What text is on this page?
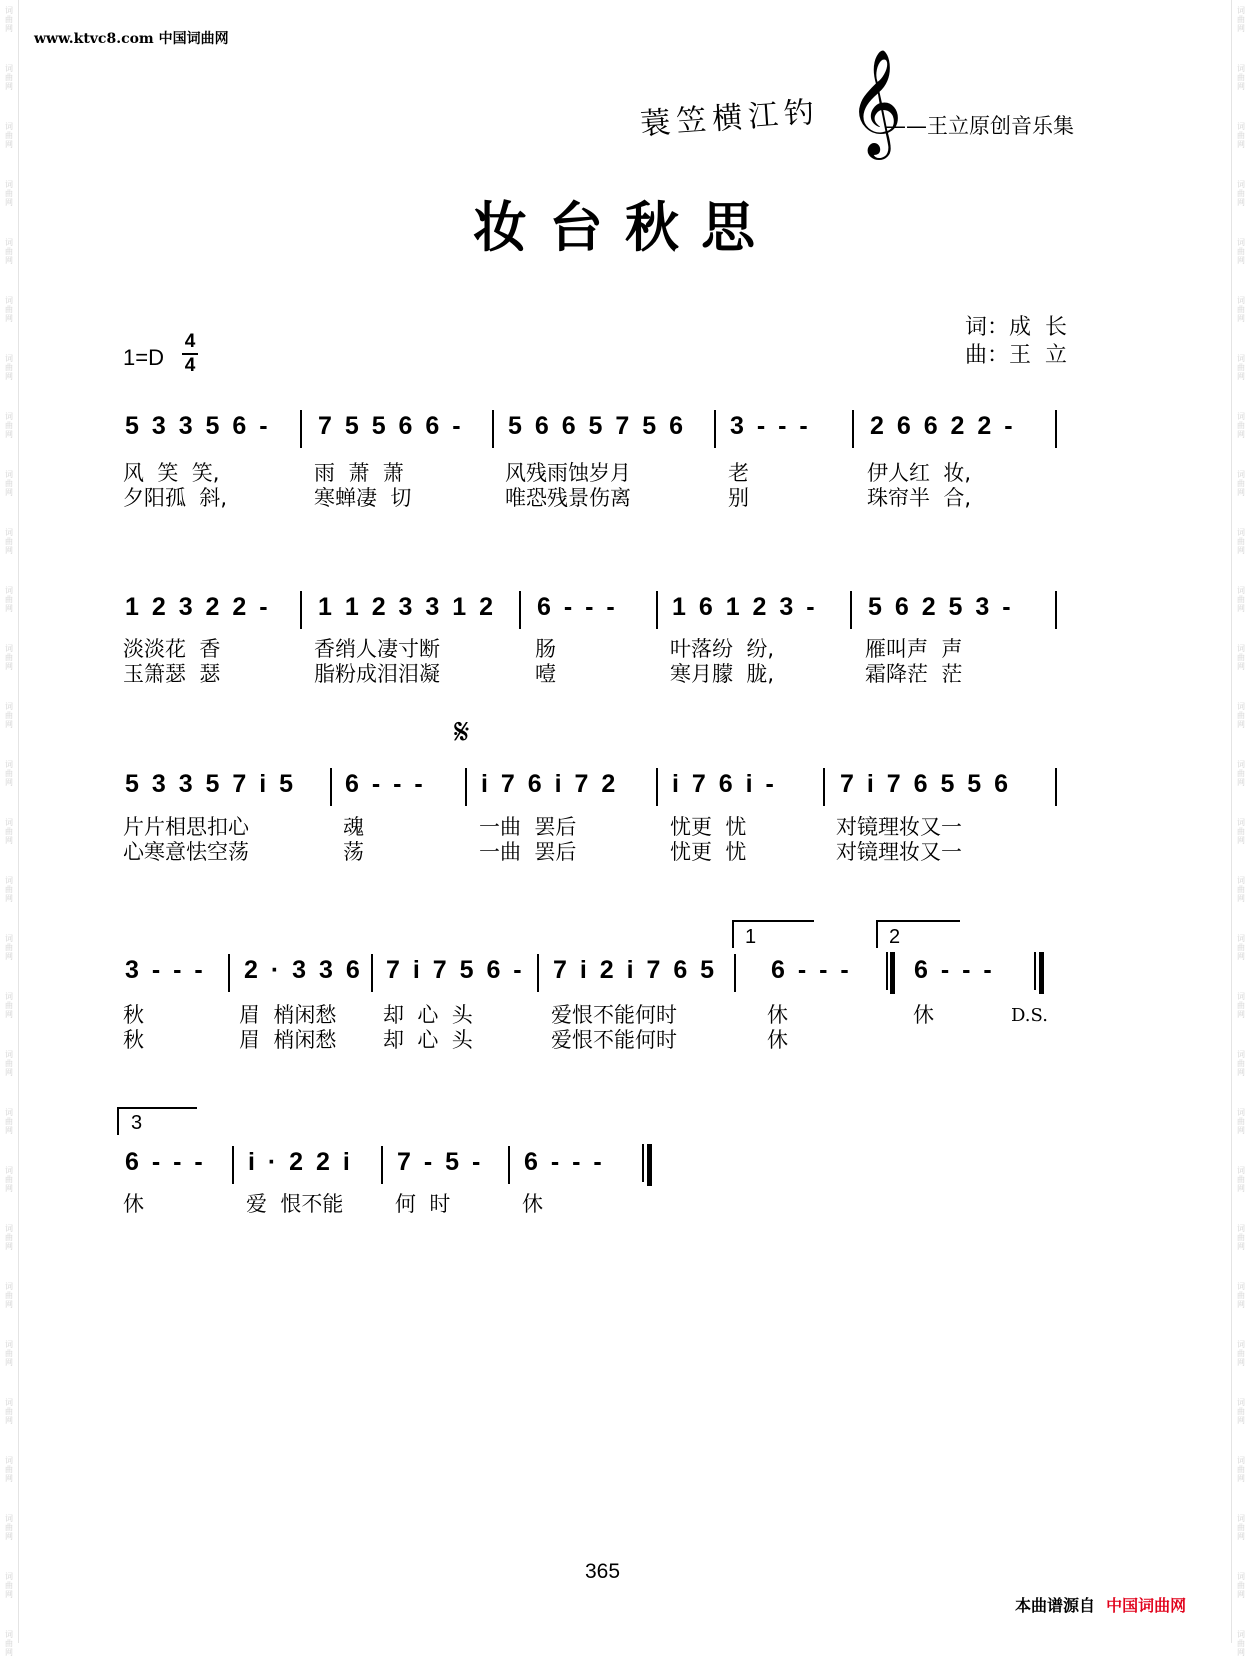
词
曲
网
词
曲
网
词
曲
网
词
曲
网
词
曲
网
词
曲
网
词
曲
网
词
曲
网
词
曲
网
词
曲
网
词
曲
网
词
曲
网
词
曲
网
词
曲
网
词
曲
网
词
曲
网
词
曲
网
词
曲
网
词
曲
网
词
曲
网
词
曲
网
词
曲
网
词
曲
网
词
曲
网
词
曲
网
词
曲
网
词
曲
网
词
曲
网
词
曲
网
词
曲
网
词
曲
网
词
曲
网
词
曲
网
词
曲
网
词
曲
网
词
曲
网
词
曲
网
词
曲
网
词
曲
网
词
曲
网
词
曲
网
词
曲
网
词
曲
网
词
曲
网
词
曲
网
词
曲
网
词
曲
网
词
曲
网
词
曲
网
词
曲
网
词
曲
网
词
曲
网
词
曲
网
词
曲
网
词
曲
网
词
曲
网
词
曲
网
词
曲
网
www.ktvc8.com 中国词曲网
蓑笠横江钓 𝄞
——王立原创音乐集
妆台秋思
1=D
4
4
词：成  长
曲：王  立
5 3 3 5 6 - 7 5 5 6 6 - 5 6 6 5 7 5 6 3 - - - 2 6 6 2 2 -
风  笑  笑,	雨  萧  萧	风残雨蚀岁月	老	伊人红  妆,
夕阳孤  斜,	寒蝉凄  切	唯恐残景伤离	别	珠帘半  合,
1 2 3 2 2 - 1 1 2 3 3 1 2 6 - - - 1 6 1 2 3 - 5 6 2 5 3 -
淡淡花  香	香绡人凄寸断	肠	叶落纷  纷,	雁叫声  声
玉箫瑟  瑟	脂粉成泪泪凝	噎	寒月朦  胧,	霜降茫  茫
𝄋
5 3 3 5 7 i 5 6 - - - i 7 6 i 7 2 i 7 6 i -	7 i 7 6 5 5 6
片片相思扣心	魂	一曲  罢后	忧更  忧	对镜理妆又一
心寒意怯空荡	荡	一曲  罢后	忧更  忧	对镜理妆又一
1	2
3 - - - 2 · 3 3 6 7 i 7 5 6 - 7 i 2 i 7 6 5 6 - - - 6 - - -
秋	眉  梢闲愁 却  心  头	爱恨不能何时	休	休	D.S.
秋	眉  梢闲愁 却  心  头	爱恨不能何时	休
3
6 - - - i · 2 2 i 7 - 5 - 6 - - -
休	爱  恨不能 何  时	休
365
本曲谱源自 中国词曲网
